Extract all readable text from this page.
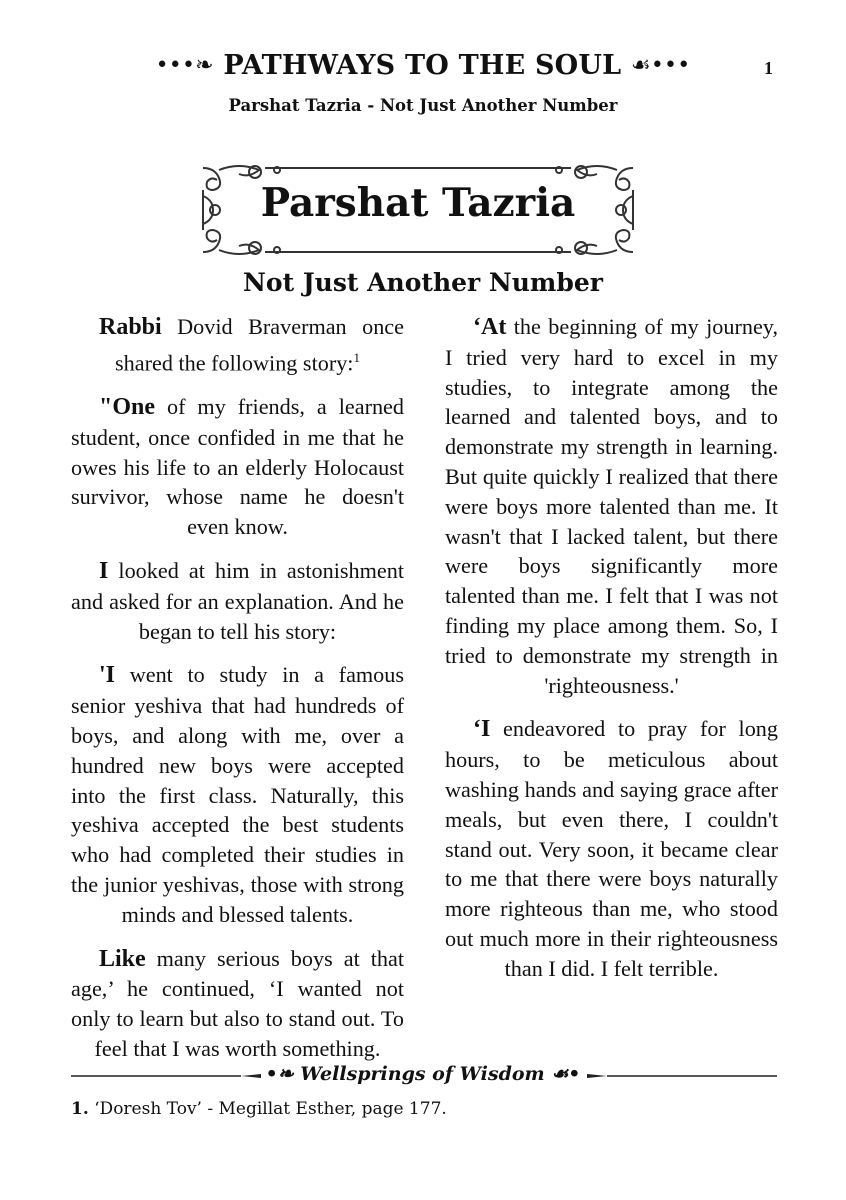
•••❧ PATHWAYS TO THE SOUL ☙•••	1
Parshat Tazria - Not Just Another Number
Parshat Tazria
Not Just Another Number

Rabbi Dovid Braverman once shared the following story:$^1$

"One of my friends, a learned student, once confided in me that he owes his life to an elderly Holocaust survivor, whose name he doesn't even know.

I looked at him in astonishment and asked for an explanation. And he began to tell his story:

'I went to study in a famous senior yeshiva that had hundreds of boys, and along with me, over a hundred new boys were accepted into the first class. Naturally, this yeshiva accepted the best students who had completed their studies in the junior yeshivas, those with strong minds and blessed talents.

Like many serious boys at that age,’ he continued, ‘I wanted not only to learn but also to stand out. To feel that I was worth something.

‘At the beginning of my journey, I tried very hard to excel in my studies, to integrate among the learned and talented boys, and to demonstrate my strength in learning. But quite quickly I realized that there were boys more talented than me. It wasn't that I lacked talent, but there were boys significantly more talented than me. I felt that I was not finding my place among them. So, I tried to demonstrate my strength in 'righteousness.'

‘I endeavored to pray for long hours, to be meticulous about washing hands and saying grace after meals, but even there, I couldn't stand out. Very soon, it became clear to me that there were boys naturally more righteous than me, who stood out much more in their righteousness than I did. I felt terrible.

•❧ Wellsprings of Wisdom ☙•
1. ‘Doresh Tov’ - Megillat Esther, page 177.
